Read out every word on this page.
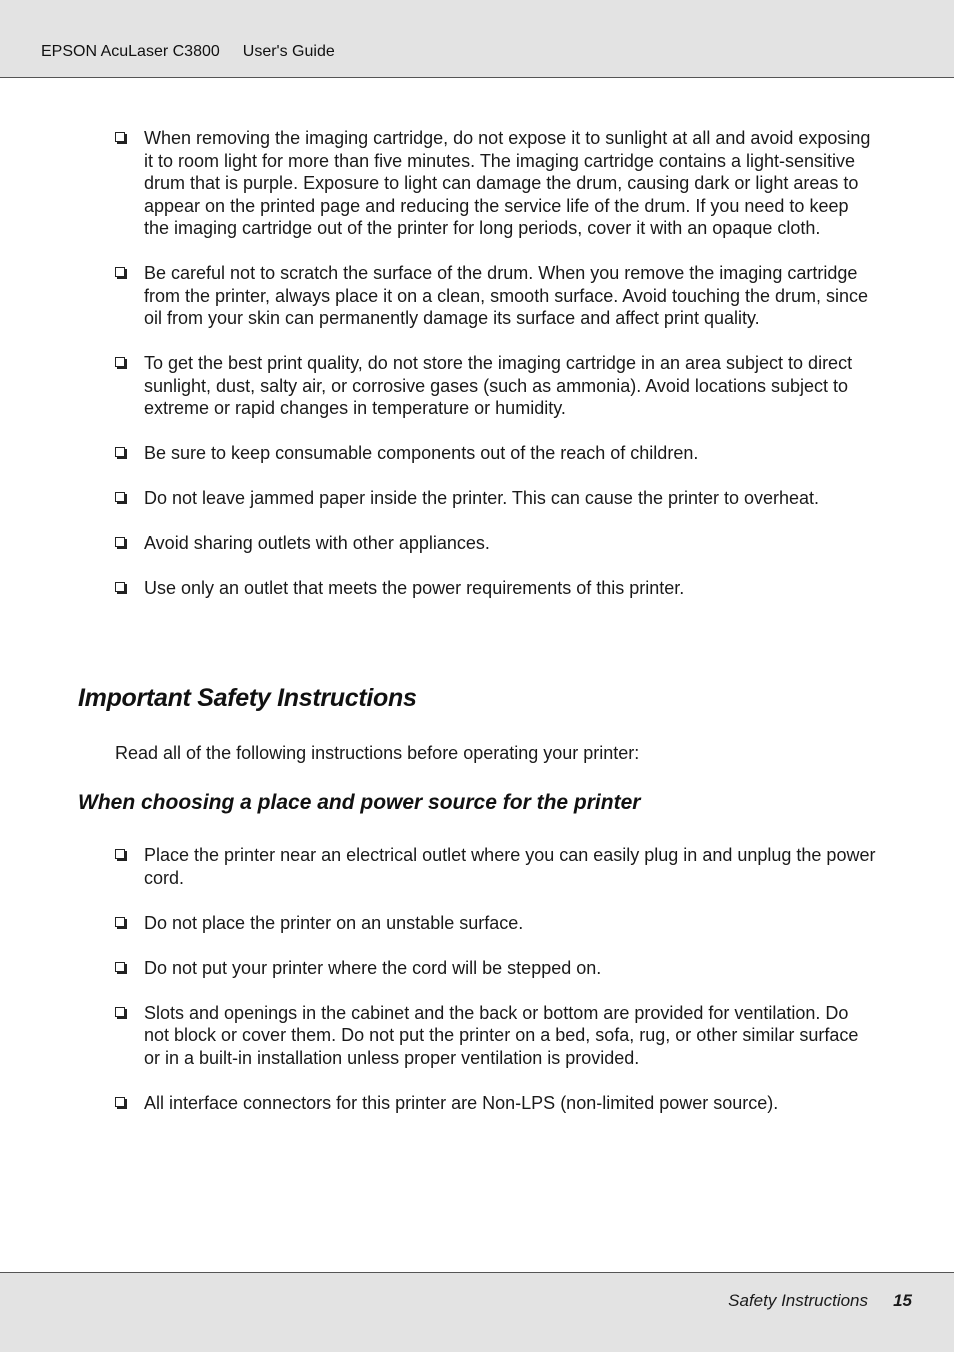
EPSON AcuLaser C3800 User's Guide
When removing the imaging cartridge, do not expose it to sunlight at all and avoid exposing it to room light for more than five minutes. The imaging cartridge contains a light-sensitive drum that is purple. Exposure to light can damage the drum, causing dark or light areas to appear on the printed page and reducing the service life of the drum. If you need to keep the imaging cartridge out of the printer for long periods, cover it with an opaque cloth.
Be careful not to scratch the surface of the drum. When you remove the imaging cartridge from the printer, always place it on a clean, smooth surface. Avoid touching the drum, since oil from your skin can permanently damage its surface and affect print quality.
To get the best print quality, do not store the imaging cartridge in an area subject to direct sunlight, dust, salty air, or corrosive gases (such as ammonia). Avoid locations subject to extreme or rapid changes in temperature or humidity.
Be sure to keep consumable components out of the reach of children.
Do not leave jammed paper inside the printer. This can cause the printer to overheat.
Avoid sharing outlets with other appliances.
Use only an outlet that meets the power requirements of this printer.
Important Safety Instructions

Read all of the following instructions before operating your printer:

When choosing a place and power source for the printer
Place the printer near an electrical outlet where you can easily plug in and unplug the power cord.
Do not place the printer on an unstable surface.
Do not put your printer where the cord will be stepped on.
Slots and openings in the cabinet and the back or bottom are provided for ventilation. Do not block or cover them. Do not put the printer on a bed, sofa, rug, or other similar surface or in a built-in installation unless proper ventilation is provided.
All interface connectors for this printer are Non-LPS (non-limited power source).
Safety Instructions 15
